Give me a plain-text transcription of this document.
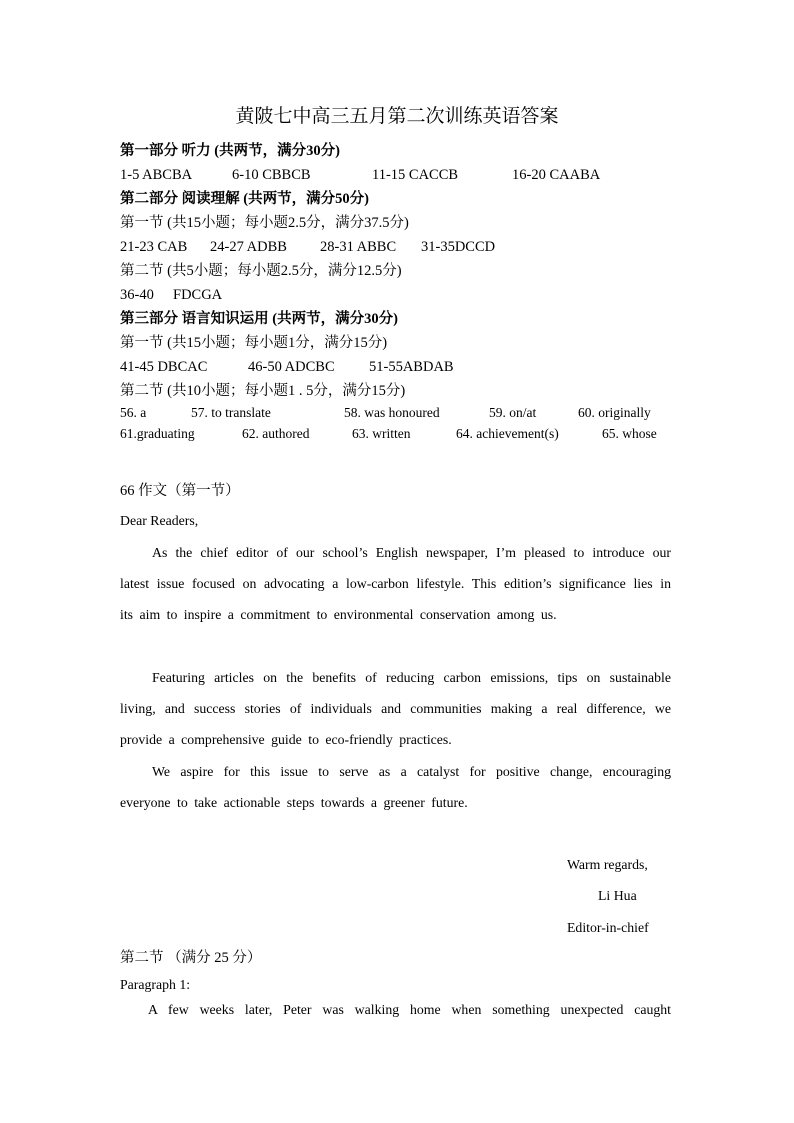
黄陂七中高三五月第二次训练英语答案
第一部分 听力 (共两节，满分30分)
1-5 ABCBA	6-10 CBBCB	11-15 CACCB	16-20 CAABA
第二部分 阅读理解 (共两节，满分50分)
第一节 (共15小题；每小题2.5分，满分37.5分)
21-23 CAB 24-27 ADBB 28-31 ABBC 31-35DCCD
第二节 (共5小题；每小题2.5分，满分12.5分)
36-40 FDCGA
第三部分 语言知识运用 (共两节，满分30分)
第一节 (共15小题；每小题1分，满分15分)
41-45 DBCAC	46-50 ADCBC 51-55ABDAB
第二节 (共10小题；每小题1 . 5分，满分15分)
56. a	57. to translate	58. was honoured	59. on/at	60. originally
61.graduating	62. authored	63. written	64. achievement(s)	65. whose
66 作文（第一节）
Dear Readers,
As the chief editor of our school’s English newspaper, I’m pleased to introduce our latest issue focused on advocating a low-carbon lifestyle. This edition’s significance lies in its aim to inspire a commitment to environmental conservation among us.
Featuring articles on the benefits of reducing carbon emissions, tips on sustainable living, and success stories of individuals and communities making a real difference, we provide a comprehensive guide to eco-friendly practices.
We aspire for this issue to serve as a catalyst for positive change, encouraging everyone to take actionable steps towards a greener future.
Warm regards,
Li Hua
Editor-in-chief
第二节 （满分 25 分）
Paragraph 1:
A few weeks later, Peter was walking home when something unexpected caught
